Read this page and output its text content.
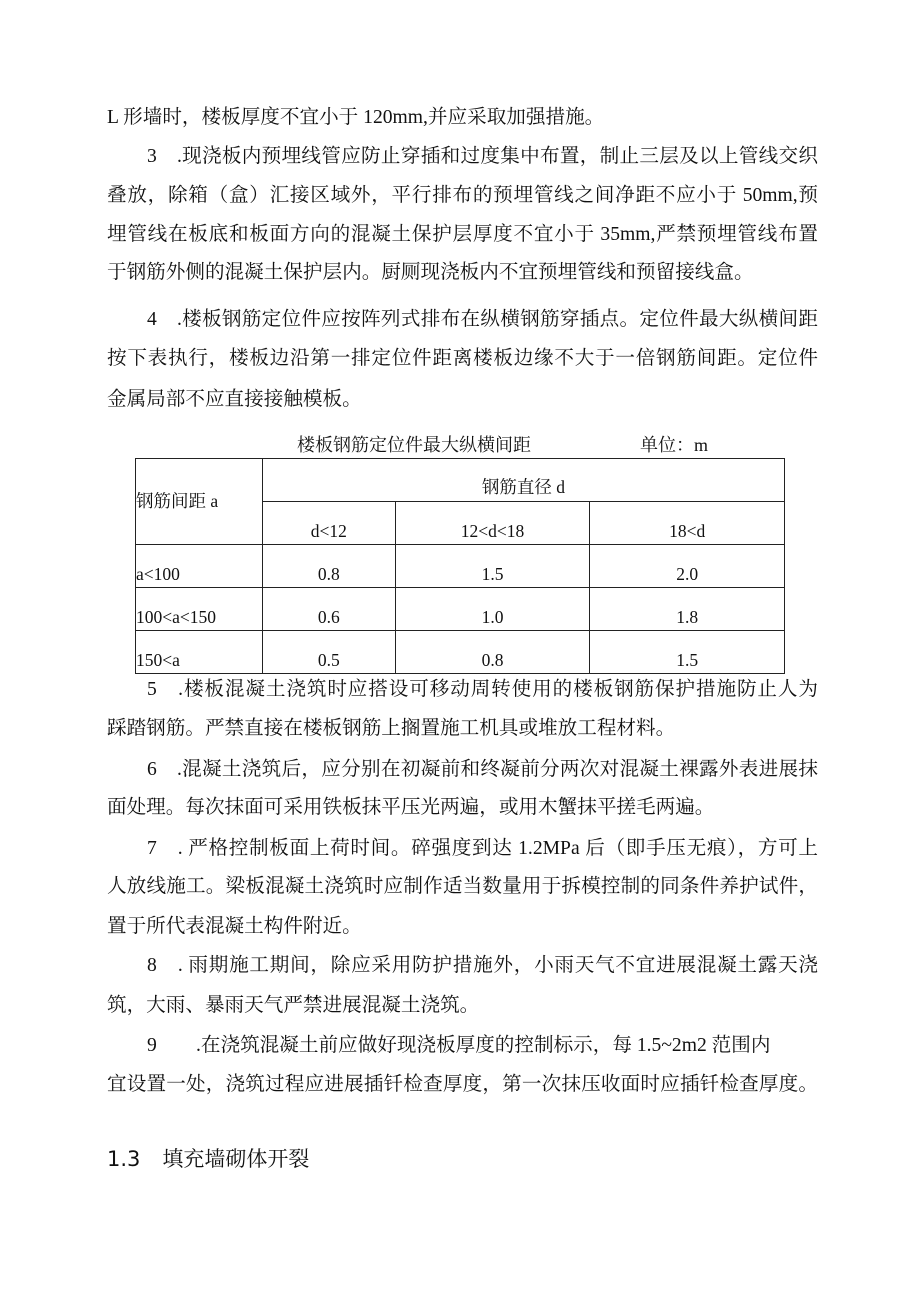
L 形墙时，楼板厚度不宜小于 120mm,并应采取加强措施。
3　.现浇板内预埋线管应防止穿插和过度集中布置，制止三层及以上管线交织
叠放，除箱（盒）汇接区域外，平行排布的预埋管线之间净距不应小于 50mm,预
埋管线在板底和板面方向的混凝土保护层厚度不宜小于 35mm,严禁预埋管线布置
于钢筋外侧的混凝土保护层内。厨厕现浇板内不宜预埋管线和预留接线盒。
4　.楼板钢筋定位件应按阵列式排布在纵横钢筋穿插点。定位件最大纵横间距
按下表执行，楼板边沿第一排定位件距离楼板边缘不大于一倍钢筋间距。定位件
金属局部不应直接接触模板。
楼板钢筋定位件最大纵横间距	单位：m
钢筋间距 a	钢筋直径 d		
	d<12	12<d<18	18<d
a<100	0.8	1.5	2.0
100<a<150	0.6	1.0	1.8
150<a	0.5	0.8	1.5
5　.楼板混凝土浇筑时应搭设可移动周转使用的楼板钢筋保护措施防止人为
踩踏钢筋。严禁直接在楼板钢筋上搁置施工机具或堆放工程材料。
6　.混凝土浇筑后，应分别在初凝前和终凝前分两次对混凝土裸露外表进展抹
面处理。每次抹面可采用铁板抹平压光两遍，或用木蟹抹平搓毛两遍。
7　. 严格控制板面上荷时间。碎强度到达 1.2MPa 后（即手压无痕），方可上
人放线施工。梁板混凝土浇筑时应制作适当数量用于拆模控制的同条件养护试件，
置于所代表混凝土构件附近。
8　. 雨期施工期间，除应采用防护措施外，小雨天气不宜进展混凝土露天浇
筑，大雨、暴雨天气严禁进展混凝土浇筑。
9　　.在浇筑混凝土前应做好现浇板厚度的控制标示，每 1.5~2m2 范围内
宜设置一处，浇筑过程应进展插钎检查厚度，第一次抹压收面时应插钎检查厚度。
1.3 填充墙砌体开裂
